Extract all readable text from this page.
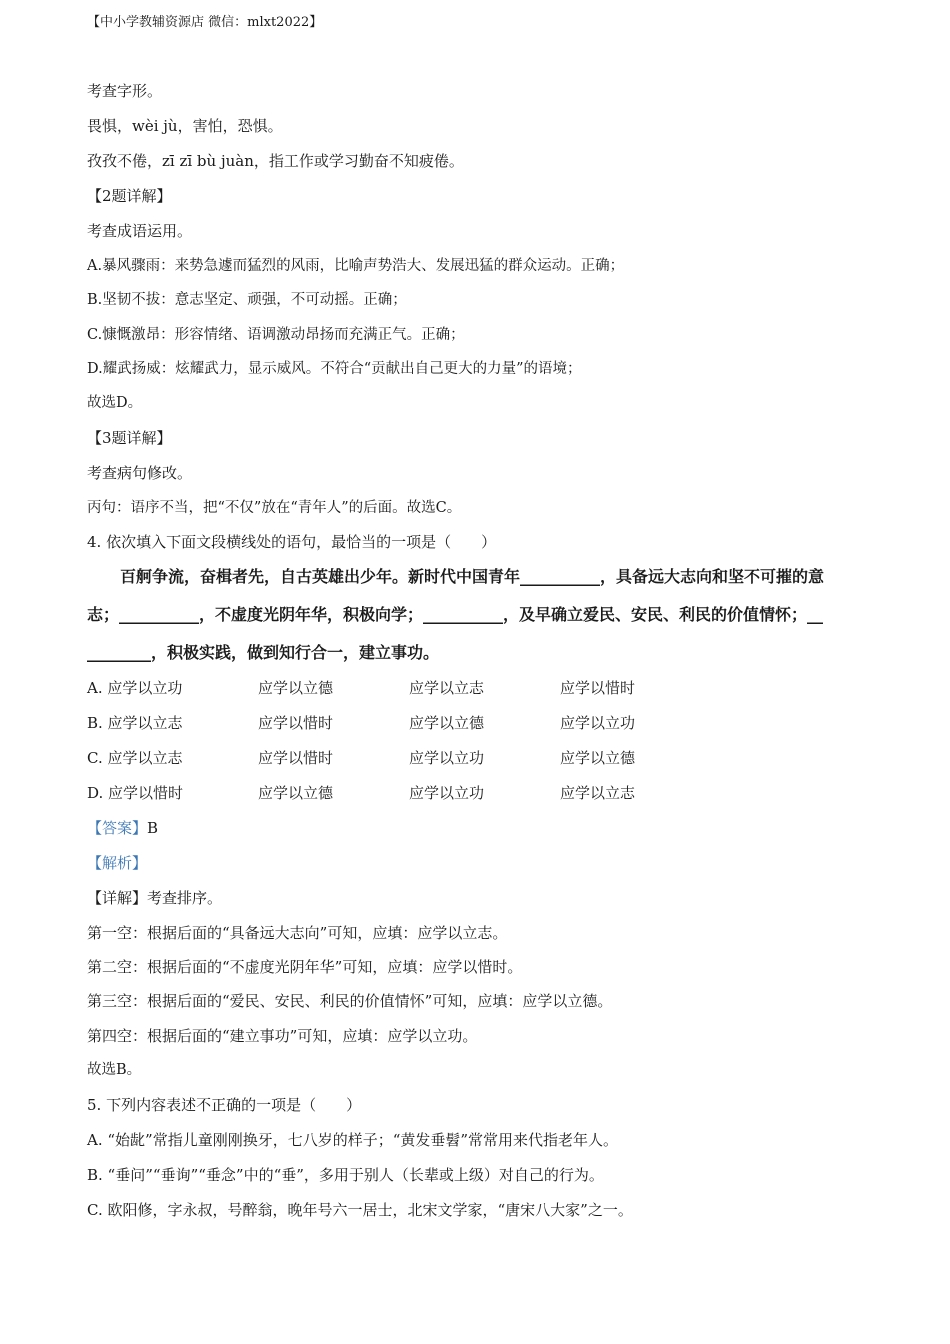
【中小学教辅资源店 微信：mlxt2022】
考查字形。
畏惧，wèi jù，害怕，恐惧。
孜孜不倦，zī zī bù juàn，指工作或学习勤奋不知疲倦。
【2题详解】
考查成语运用。
A.暴风骤雨：来势急遽而猛烈的风雨，比喻声势浩大、发展迅猛的群众运动。正确；
B.坚韧不拔：意志坚定、顽强，不可动摇。正确；
C.慷慨激昂：形容情绪、语调激动昂扬而充满正气。正确；
D.耀武扬威：炫耀武力，显示威风。不符合“贡献出自己更大的力量”的语境；
故选D。
【3题详解】
考查病句修改。
丙句：语序不当，把“不仅”放在“青年人”的后面。故选C。
4. 依次填入下面文段横线处的语句，最恰当的一项是（　　）
百舸争流，奋楫者先，自古英雄出少年。新时代中国青年__________，具备远大志向和坚不可摧的意
志；__________，不虚度光阴年华，积极向学；__________，及早确立爱民、安民、利民的价值情怀；__
________，积极实践，做到知行合一，建立事功。
A. 应学以立功	应学以立德	应学以立志	应学以惜时
B. 应学以立志	应学以惜时	应学以立德	应学以立功
C. 应学以立志	应学以惜时	应学以立功	应学以立德
D. 应学以惜时	应学以立德	应学以立功	应学以立志
【答案】B
【解析】
【详解】考查排序。
第一空：根据后面的“具备远大志向”可知，应填：应学以立志。
第二空：根据后面的“不虚度光阴年华”可知，应填：应学以惜时。
第三空：根据后面的“爱民、安民、利民的价值情怀”可知，应填：应学以立德。
第四空：根据后面的“建立事功”可知，应填：应学以立功。
故选B。
5. 下列内容表述不正确的一项是（　　）
A. “始龀”常指儿童刚刚换牙，七八岁的样子；“黄发垂髫”常常用来代指老年人。
B. “垂问”“垂询”“垂念”中的“垂”，多用于别人（长辈或上级）对自己的行为。
C. 欧阳修，字永叔，号醉翁，晚年号六一居士，北宋文学家，“唐宋八大家”之一。
